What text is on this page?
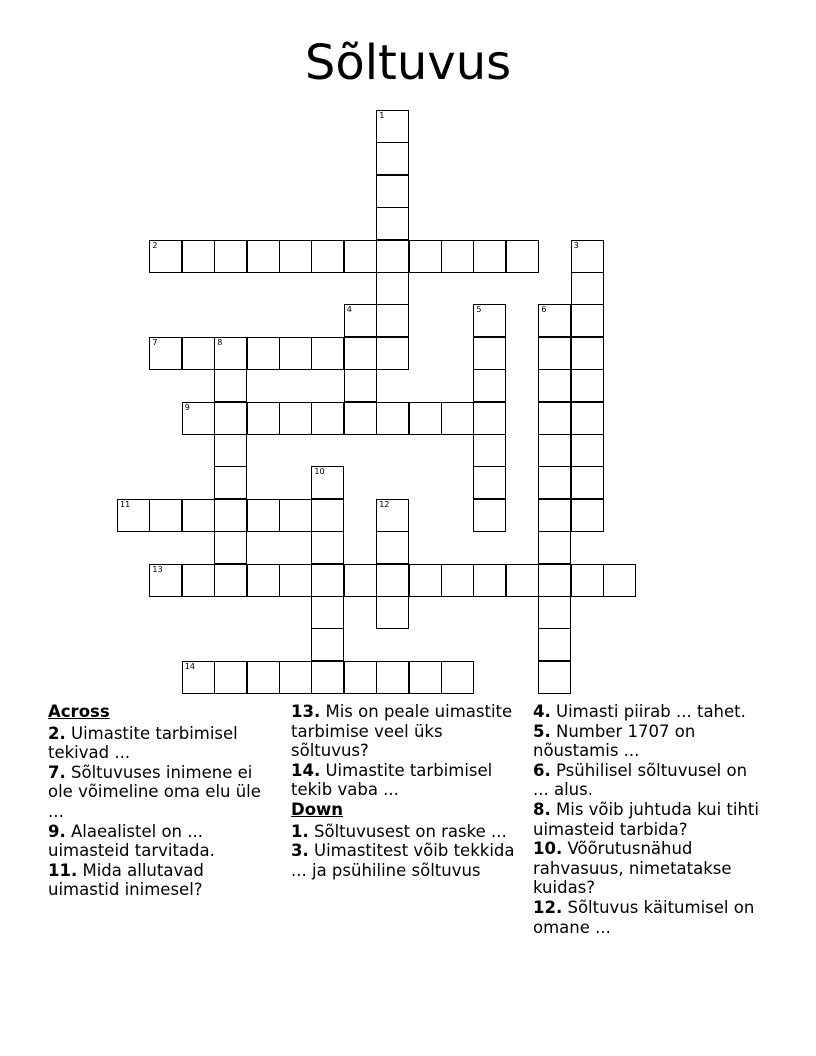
Sõltuvus
1
2	3
4	5	6
7	8
9
10
11	12
13
14
Across

2. Uimastite tarbimisel tekivad ...

7. Sõltuvuses inimene ei ole võimeline oma elu üle ...

9. Alaealistel on ... uimasteid tarvitada.

11. Mida allutavad uimastid inimesel?

13. Mis on peale uimastite tarbimise veel üks sõltuvus?

14. Uimastite tarbimisel tekib vaba ...

Down

1. Sõltuvusest on raske ...

3. Uimastitest võib tekkida ... ja psühiline sõltuvus

4. Uimasti piirab ... tahet.

5. Number 1707 on nõustamis ...

6. Psühilisel sõltuvusel on ... alus.

8. Mis võib juhtuda kui tihti uimasteid tarbida?

10. Võõrutusnähud rahvasuus, nimetatakse kuidas?

12. Sõltuvus käitumisel on omane ...
